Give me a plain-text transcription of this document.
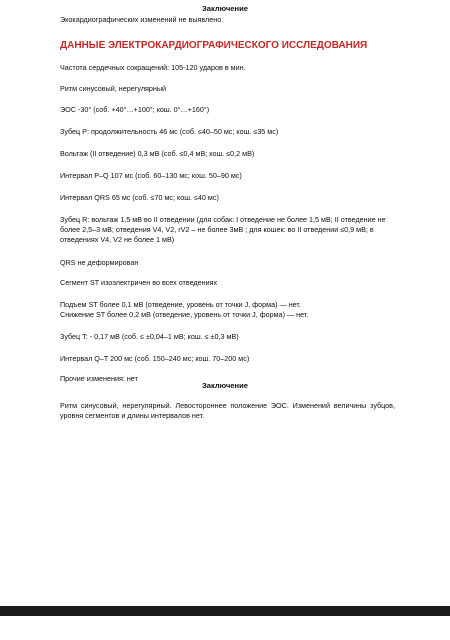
Заключение
Экокардиографических изменений не выявлено.
ДАННЫЕ ЭЛЕКТРОКАРДИОГРАФИЧЕСКОГО ИССЛЕДОВАНИЯ
Частота сердечных сокращений: 105-120 ударов в мин.
Ритм синусовый, нерегулярный
ЭОС -30° (соб. +40°…+100°; кош. 0°…+160°)
Зубец P: продолжительность 46 мс (соб. ≤40–50 мс; кош. ≤35 мс)
Вольтаж (II отведение) 0,3 мВ (соб. ≤0,4 мВ; кош. ≤0,2 мВ)
Интервал P–Q 107 мс (соб. 60–130 мс; кош. 50–90 мс)
Интервал QRS 65 мс (соб. ≤70 мс; кош. ≤40 мс)
Зубец R: вольтаж 1,5 мВ во II отведении (для собак: I отведение не более 1,5 мВ; II отведение не более 2,5–3 мВ; отведения V4, V2, rV2 – не более 3мВ ; для кошек: во II отведении ≤0,9 мВ; в отведениях V4, V2 не более 1 мВ)
QRS не деформирован
Сегмент ST изоэлектричен во всех отведениях
Подъем ST более 0,1 мВ (отведение, уровень от точки J, форма) — нет.
Снижение ST более 0,2 мВ (отведение, уровень от точки J, форма) — нет.
Зубец T: - 0,17 мВ (соб. ≤ ±0,04–1 мВ; кош. ≤ ±0,3 мВ)
Интервал Q–T 200 мс (соб. 150–240 мс; кош. 70–200 мс)
Прочие изменения: нет
Заключение
Ритм синусовый, нерегулярный. Левостороннее положение ЭОС. Изменений величины зубцов, уровня сегментов и длины интервалов нет.
